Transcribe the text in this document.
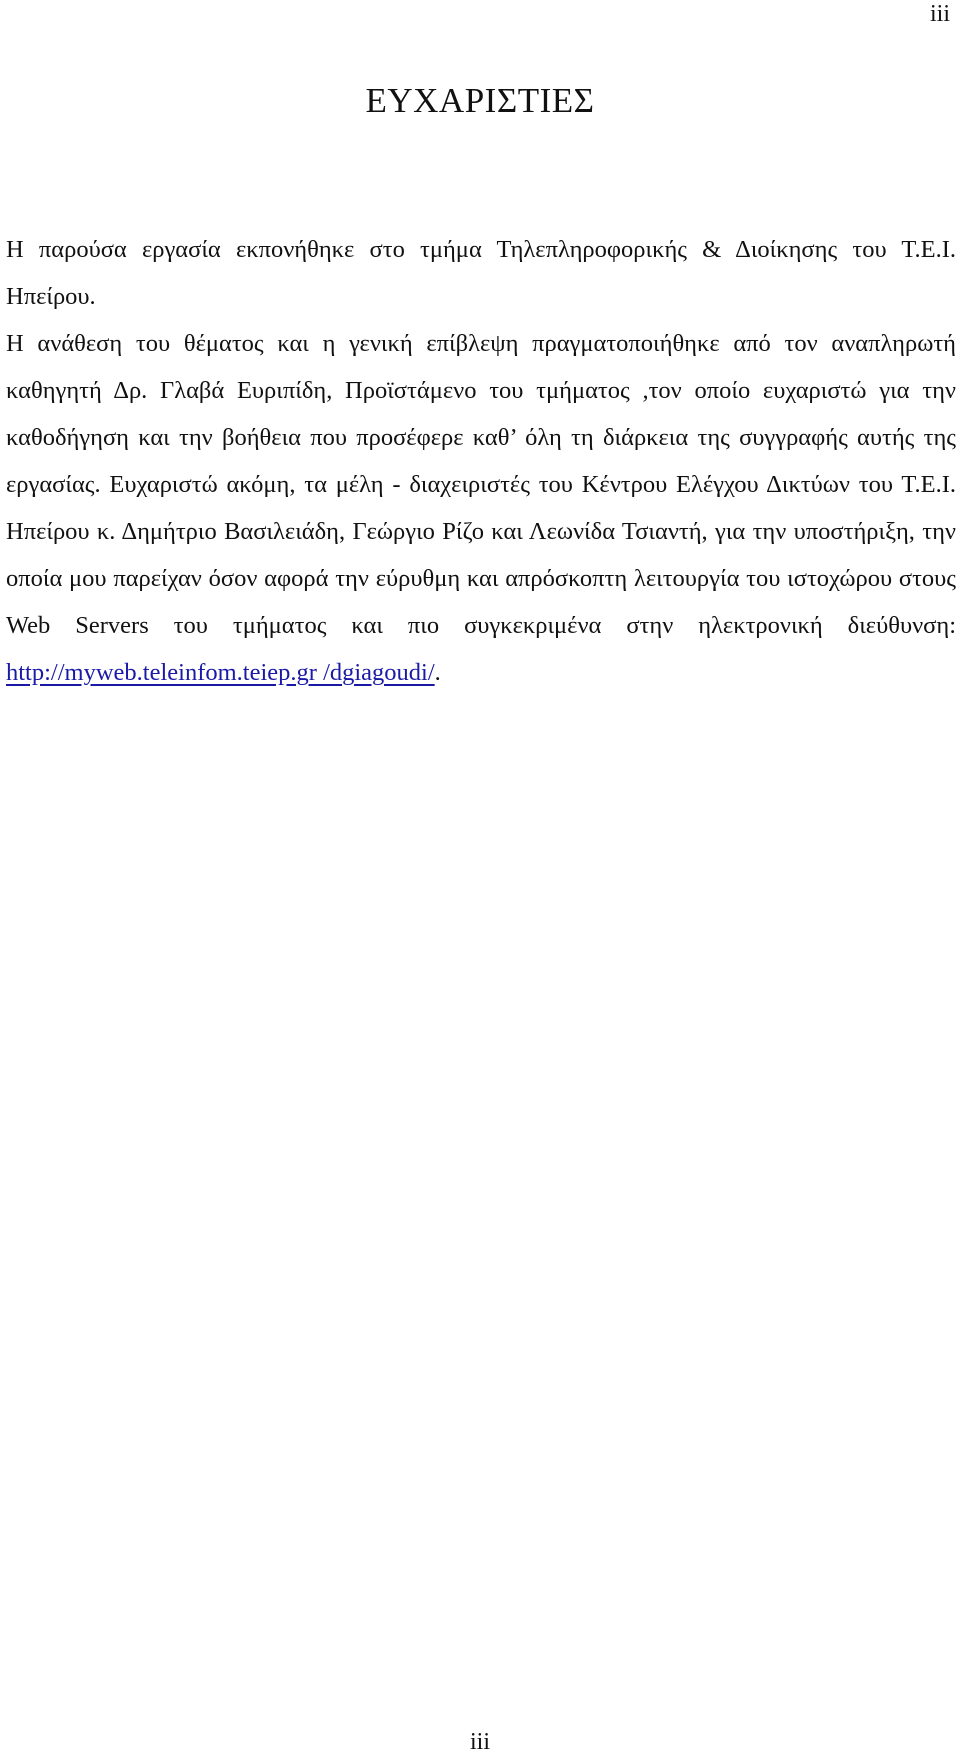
iii
ΕΥΧΑΡΙΣΤΙΕΣ

Η παρούσα εργασία εκπονήθηκε στο τμήμα Τηλεπληροφορικής & Διοίκησης του Τ.Ε.Ι. Ηπείρου.

Η ανάθεση του θέματος και η γενική επίβλεψη πραγματοποιήθηκε από τον αναπληρωτή καθηγητή Δρ. Γλαβά Ευριπίδη, Προϊστάμενο του τμήματος ,τον οποίο ευχαριστώ για την καθοδήγηση και την βοήθεια που προσέφερε καθ’ όλη τη διάρκεια της συγγραφής αυτής της εργασίας. Ευχαριστώ ακόμη, τα μέλη - διαχειριστές του Κέντρου Ελέγχου Δικτύων του Τ.Ε.Ι. Ηπείρου κ. Δημήτριο Βασιλειάδη, Γεώργιο Ρίζο και Λεωνίδα Τσιαντή, για την υποστήριξη, την οποία μου παρείχαν όσον αφορά την εύρυθμη και απρόσκοπτη λειτουργία του ιστοχώρου στους Web Servers του τμήματος και πιο συγκεκριμένα στην ηλεκτρονική διεύθυνση: http://myweb.teleinfom.teiep.gr /dgiagoudi/.

iii
